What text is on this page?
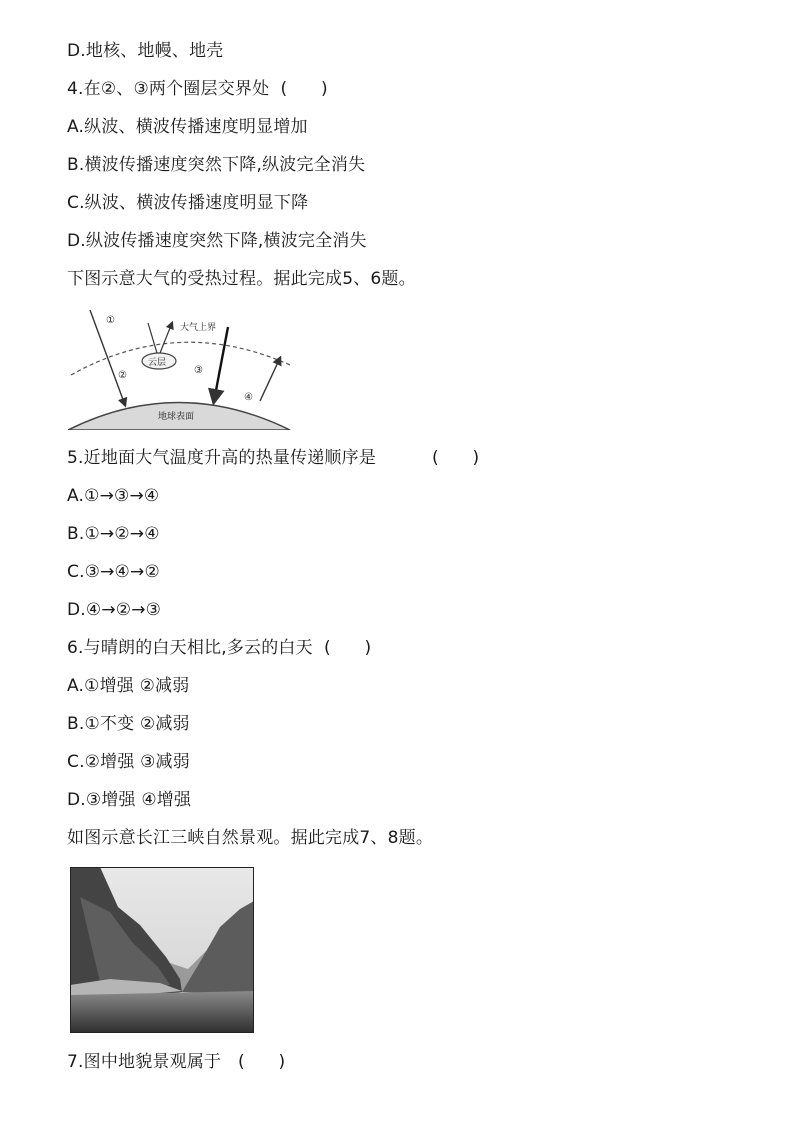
D.地核、地幔、地壳
4.在②、③两个圈层交界处  (      )
A.纵波、横波传播速度明显增加
B.横波传播速度突然下降,纵波完全消失
C.纵波、横波传播速度明显下降
D.纵波传播速度突然下降,横波完全消失
下图示意大气的受热过程。据此完成5、6题。
地球表面
大气上界
云层
①
②	③
④
5.近地面大气温度升高的热量传递顺序是          (      )
A.①→③→④
B.①→②→④
C.③→④→②
D.④→②→③
6.与晴朗的白天相比,多云的白天  (      )
A.①增强 ②减弱
B.①不变 ②减弱
C.②增强 ③减弱
D.③增强 ④增强
如图示意长江三峡自然景观。据此完成7、8题。
7.图中地貌景观属于   (      )
